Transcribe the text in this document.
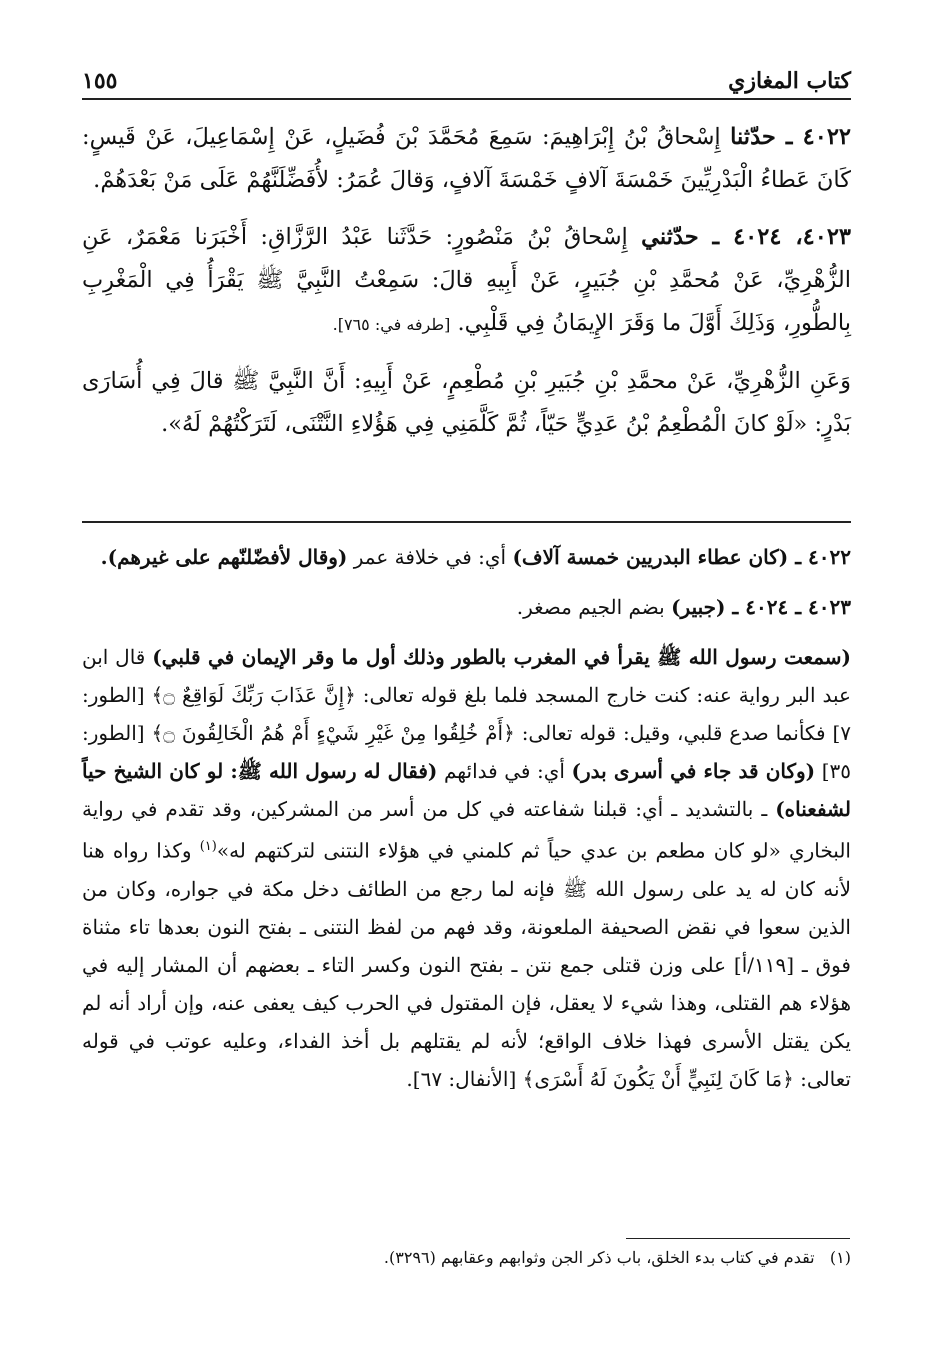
١٥٥	كتاب المغازي

٤٠٢٢ ـ حدّثنا إِسْحاقُ بْنُ إِبْرَاهِيمَ: سَمِعَ مُحَمَّدَ بْنَ فُضَيلٍ، عَنْ إِسْمَاعِيلَ، عَنْ قَيسٍ: كَانَ عَطاءُ الْبَدْرِيِّينَ خَمْسَةَ آلافٍ خَمْسَةَ آلافٍ، وَقالَ عُمَرُ: لأُفَضِّلَنَّهُمْ عَلَى مَنْ بَعْدَهُمْ.

٤٠٢٣، ٤٠٢٤ ـ حدّثني إِسْحاقُ بْنُ مَنْصُورٍ: حَدَّثَنا عَبْدُ الرَّزَّاقِ: أَخْبَرَنا مَعْمَرٌ، عَنِ الزُّهْرِيِّ، عَنْ مُحمَّدِ بْنِ جُبَيرٍ، عَنْ أَبِيهِ قالَ: سَمِعْتُ النَّبِيَّ ﷺ يَقْرَأُ فِي الْمَغْرِبِ بِالطُّورِ، وَذَلِكَ أَوَّلَ ما وَقَرَ الإِيمَانُ فِي قَلْبِي. [طرفه في: ٧٦٥].

وَعَنِ الزُّهْرِيِّ، عَنْ محمَّدِ بْنِ جُبَيرِ بْنِ مُطْعِمٍ، عَنْ أَبِيهِ: أَنَّ النَّبِيَّ ﷺ قالَ فِي أُسَارَى بَدْرٍ: «لَوْ كانَ الْمُطْعِمُ بْنُ عَدِيٍّ حَيّاً، ثُمَّ كَلَّمَنِي فِي هَؤُلاءِ النَّتْنَى، لَتَرَكْتُهُمْ لَهُ».

٤٠٢٢ ـ (كان عطاء البدريين خمسة آلاف) أي: في خلافة عمر (وقال لأفضّلنّهم على غيرهم).

٤٠٢٣ ـ ٤٠٢٤ ـ (جبير) بضم الجيم مصغر.

(سمعت رسول الله ﷺ يقرأ في المغرب بالطور وذلك أول ما وقر الإيمان في قلبي) قال ابن عبد البر رواية عنه: كنت خارج المسجد فلما بلغ قوله تعالى: ﴿إِنَّ عَذَابَ رَبِّكَ لَوَاقِعٌ ۝﴾ [الطور: ٧] فكأنما صدع قلبي، وقيل: قوله تعالى: ﴿أَمْ خُلِقُوا مِنْ غَيْرِ شَيْءٍ أَمْ هُمُ الْخَالِقُونَ ۝﴾ [الطور: ٣٥] (وكان قد جاء في أسرى بدر) أي: في فدائهم (فقال له رسول الله ﷺ: لو كان الشيخ حياً لشفعناه) ـ بالتشديد ـ أي: قبلنا شفاعته في كل من أسر من المشركين، وقد تقدم في رواية البخاري «لو كان مطعم بن عدي حياً ثم كلمني في هؤلاء النتنى لتركتهم له»$^{(١)}$ وكذا رواه هنا لأنه كان له يد على رسول الله ﷺ فإنه لما رجع من الطائف دخل مكة في جواره، وكان من الذين سعوا في نقض الصحيفة الملعونة، وقد فهم من لفظ النتنى ـ بفتح النون بعدها تاء مثناة فوق ـ [١١٩/أ] على وزن قتلى جمع نتن ـ بفتح النون وكسر التاء ـ بعضهم أن المشار إليه في هؤلاء هم القتلى، وهذا شيء لا يعقل، فإن المقتول في الحرب كيف يعفى عنه، وإن أراد أنه لم يكن يقتل الأسرى فهذا خلاف الواقع؛ لأنه لم يقتلهم بل أخذ الفداء، وعليه عوتب في قوله تعالى: ﴿مَا كَانَ لِنَبِيٍّ أَنْ يَكُونَ لَهُ أَسْرَى﴾ [الأنفال: ٦٧].

(١)   تقدم في كتاب بدء الخلق، باب ذكر الجن وثوابهم وعقابهم (٣٢٩٦).
